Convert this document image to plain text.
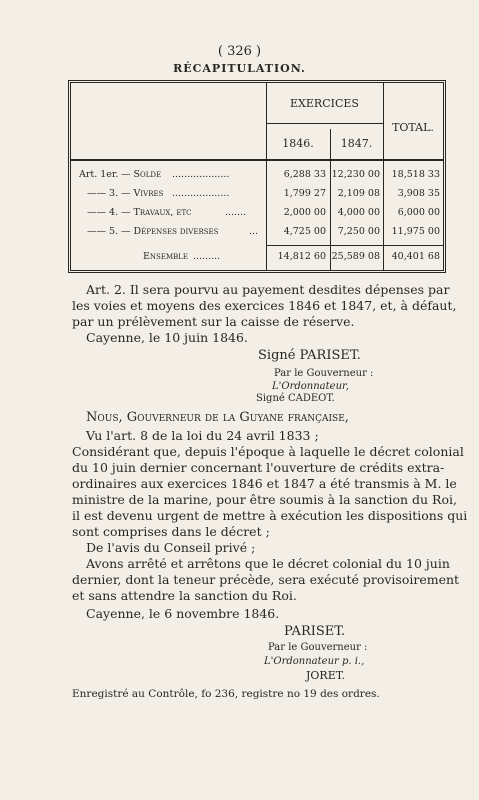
( 326 )
RÉCAPITULATION.
EXERCICES
1846.	1847.
TOTAL.
Art. 1er. — Solde ...................	6,288 33 12,230 00	18,518 33
—— 3. — Vivres ...................	1,799 27	2,109 08	3,908 35
—— 4. — Travaux, etc	.......	2,000 00	4,000 00	6,000 00
—— 5. — Dépenses diverses	...	4,725 00	7,250 00	11,975 00
Ensemble .........	14,812 60 25,589 08	40,401 68
Art. 2. Il sera pourvu au payement desdites dépenses par
les voies et moyens des exercices 1846 et 1847, et, à défaut,
par un prélèvement sur la caisse de réserve.
Cayenne, le 10 juin 1846.
Signé PARISET.
Par le Gouverneur :
L'Ordonnateur,
Signé CADEOT.
Nous, Gouverneur de la Guyane française,
Vu l'art. 8 de la loi du 24 avril 1833 ;
Considérant que, depuis l'époque à laquelle le décret colonial
du 10 juin dernier concernant l'ouverture de crédits extra-
ordinaires aux exercices 1846 et 1847 a été transmis à M. le
ministre de la marine, pour être soumis à la sanction du Roi,
il est devenu urgent de mettre à exécution les dispositions qui
sont comprises dans le décret ;
De l'avis du Conseil privé ;
Avons arrêté et arrêtons que le décret colonial du 10 juin
dernier, dont la teneur précède, sera exécuté provisoirement
et sans attendre la sanction du Roi.
Cayenne, le 6 novembre 1846.
PARISET.
Par le Gouverneur :
L'Ordonnateur p. i.,
JORET.
Enregistré au Contrôle, fo 236, registre no 19 des ordres.
